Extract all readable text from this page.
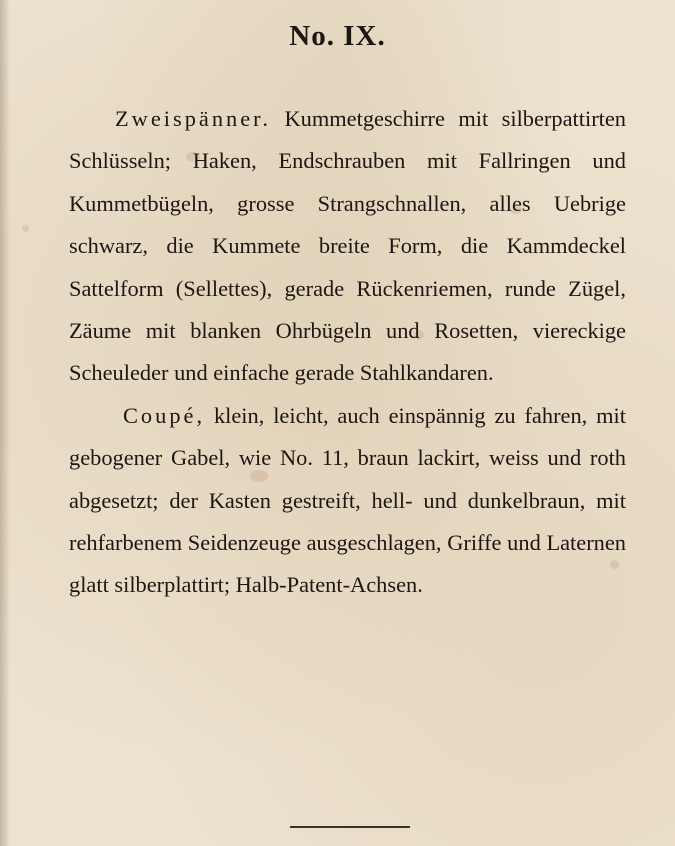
No. IX.

Zweispänner. Kummetgeschirre mit silberpattirten Schlüsseln; Haken, Endschrauben mit Fallringen und Kummetbügeln, grosse Strangschnallen, alles Uebrige schwarz, die Kummete breite Form, die Kammdeckel Sattelform (Sellettes), gerade Rückenriemen, runde Zügel, Zäume mit blanken Ohrbügeln und Rosetten, viereckige Scheuleder und einfache gerade Stahlkandaren.

Coupé, klein, leicht, auch einspännig zu fahren, mit gebogener Gabel, wie No. 11, braun lackirt, weiss und roth abgesetzt; der Kasten gestreift, hell- und dunkelbraun, mit rehfarbenem Seidenzeuge ausgeschlagen, Griffe und Laternen glatt silberplattirt; Halb-Patent-Achsen.
